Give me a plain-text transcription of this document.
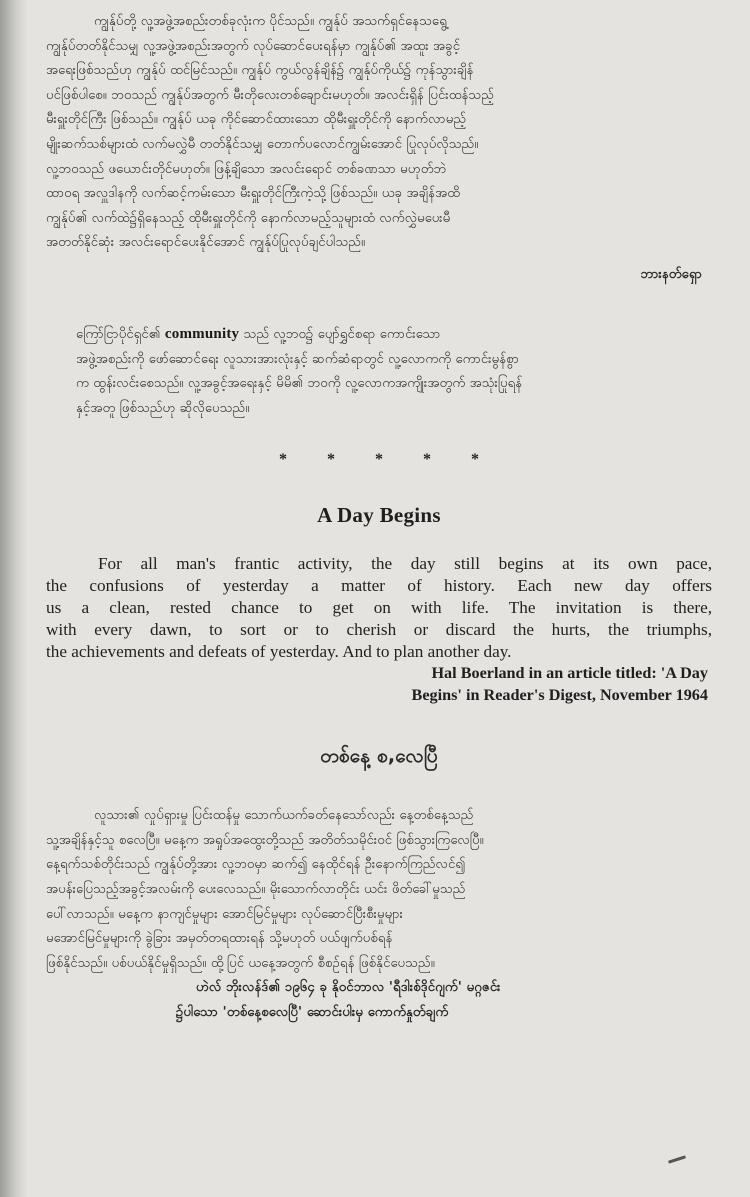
ကျွန်ုပ်တို့ လူ့အဖွဲ့အစည်းတစ်ခုလုံးက ပိုင်သည်။ ကျွန်ုပ် အသက်ရှင်နေသရွေ့
ကျွန်ုပ်တတ်နိုင်သမျှ လူ့အဖွဲ့အစည်းအတွက် လုပ်ဆောင်ပေးရန်မှာ ကျွန်ုပ်၏ အထူး အခွင့်
အရေးဖြစ်သည်ဟု ကျွန်ုပ် ထင်မြင်သည်။ ကျွန်ုပ် ကွယ်လွန်ချိန်၌ ကျွန်ုပ်ကိုယ်၌ ကုန်သွားချိန်
ပင်ဖြစ်ပါစေ။ ဘဝသည် ကျွန်ုပ်အတွက် မီးတိုလေးတစ်ချောင်းမဟုတ်။ အလင်းရှိန် ပြင်းထန်သည့်
မီးရှူးတိုင်ကြီး ဖြစ်သည်။ ကျွန်ုပ် ယခု ကိုင်ဆောင်ထားသော ထိုမီးရှူးတိုင်ကို နောက်လာမည့်
မျိုးဆက်သစ်များထံ လက်မလွှဲမီ တတ်နိုင်သမျှ တောက်ပလောင်ကျွမ်းအောင် ပြုလုပ်လိုသည်။
လူ့ဘဝသည် ဖယောင်းတိုင်မဟုတ်။ ဖြန့်ချိသော အလင်းရောင် တစ်ခဏသာ မဟုတ်ဘဲ
ထာဝရ အလှူဒါနကို လက်ဆင့်ကမ်းသော မီးရှူးတိုင်ကြီးကဲ့သို့ ဖြစ်သည်။ ယခု အချိန်အထိ
ကျွန်ုပ်၏ လက်ထဲ၌ရှိနေသည့် ထိုမီးရှူးတိုင်ကို နောက်လာမည့်သူများထံ လက်လွှဲမပေးမီ
အတတ်နိုင်ဆုံး အလင်းရောင်ပေးနိုင်အောင် ကျွန်ုပ်ပြုလုပ်ချင်ပါသည်။
ဘားနတ်ရှော
ကြော်ငြာပိုင်ရှင်၏ community သည် လူ့ဘဝ၌ ပျော်ရွှင်စရာ ကောင်းသော
အဖွဲ့အစည်းကို ဖော်ဆောင်ရေး လူသားအားလုံးနှင့် ဆက်ဆံရာတွင် လူ့လောကကို ကောင်းမွန်စွာ
က ထွန်းလင်းစေသည်။ လူ့အခွင့်အရေးနှင့် မိမိ၏ ဘဝကို လူ့လောကအကျိုးအတွက် အသုံးပြုရန်
နှင့်အတူ ဖြစ်သည်ဟု ဆိုလိုပေသည်။
* * * * *
A Day Begins
For all man's frantic activity, the day still begins at its own pace,
the confusions of yesterday a matter of history. Each new day offers
us a clean, rested chance to get on with life. The invitation is there,
with every dawn, to sort or to cherish or discard the hurts, the triumphs,
the achievements and defeats of yesterday. And to plan another day.
Hal Boerland in an article titled: 'A Day
Begins' in Reader's Digest, November 1964
တစ်နေ့ စ,လေပြီ
လူသား၏ လှုပ်ရှားမှု ပြင်းထန်မှု သောက်ယက်ခတ်နေသော်လည်း နေ့တစ်နေ့သည်
သူ့အချိန်နှင့်သူ စလေပြီ။ မနေ့က အရှုပ်အထွေးတို့သည် အတိတ်သမိုင်းဝင် ဖြစ်သွားကြလေပြီ။
နေ့ရက်သစ်တိုင်းသည် ကျွန်ုပ်တို့အား လူ့ဘဝမှာ ဆက်၍ နေထိုင်ရန် ဦးနောက်ကြည်လင်၍
အပန်းပြေသည့်အခွင့်အလမ်းကို ပေးလေသည်။ မိုးသောက်လာတိုင်း ယင်း ဖိတ်ခေါ်မှုသည်
ပေါ်လာသည်။ မနေ့က နာကျင်မှုများ အောင်မြင်မှုများ လုပ်ဆောင်ပြီးစီးမှုများ
မအောင်မြင်မှုများကို ခွဲခြား အမှတ်တရထားရန် သို့မဟုတ် ပယ်ဖျက်ပစ်ရန်
ဖြစ်နိုင်သည်။ ပစ်ပယ်နိုင်မှုရှိသည်။ ထို့ပြင် ယနေ့အတွက် စီစဉ်ရန် ဖြစ်နိုင်ပေသည်။
ဟဲလ် ဘိုးလန်ဒ်၏ ၁၉၆၄ ခု နိုဝင်ဘာလ 'ရီဒါးစ်ဒိုင်ဂျက်' မဂ္ဂဇင်း
၌ပါသော 'တစ်နေ့စလေပြီ' ဆောင်းပါးမှ ကောက်နှုတ်ချက်
